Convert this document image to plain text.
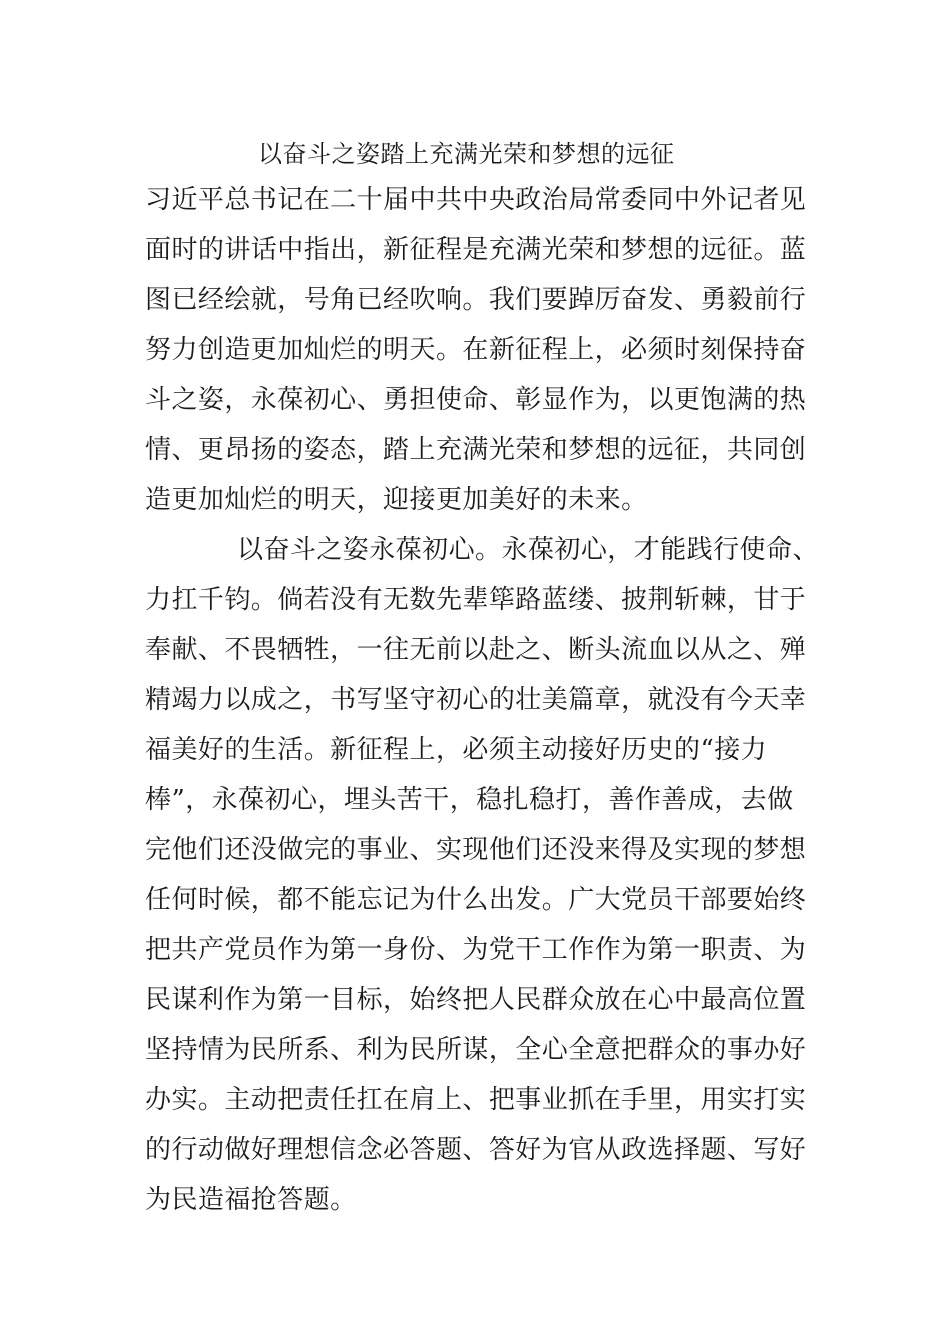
以奋斗之姿踏上充满光荣和梦想的远征
习近平总书记在二十届中共中央政治局常委同中外记者见
面时的讲话中指出，新征程是充满光荣和梦想的远征。蓝
图已经绘就，号角已经吹响。我们要踔厉奋发、勇毅前行
努力创造更加灿烂的明天。在新征程上，必须时刻保持奋
斗之姿，永葆初心、勇担使命、彰显作为，以更饱满的热
情、更昂扬的姿态，踏上充满光荣和梦想的远征，共同创
造更加灿烂的明天，迎接更加美好的未来。
以奋斗之姿永葆初心。永葆初心，才能践行使命、
力扛千钧。倘若没有无数先辈筚路蓝缕、披荆斩棘，甘于
奉献、不畏牺牲，一往无前以赴之、断头流血以从之、殚
精竭力以成之，书写坚守初心的壮美篇章，就没有今天幸
福美好的生活。新征程上，必须主动接好历史的“接力
棒”，永葆初心，埋头苦干，稳扎稳打，善作善成，去做
完他们还没做完的事业、实现他们还没来得及实现的梦想
任何时候，都不能忘记为什么出发。广大党员干部要始终
把共产党员作为第一身份、为党干工作作为第一职责、为
民谋利作为第一目标，始终把人民群众放在心中最高位置
坚持情为民所系、利为民所谋，全心全意把群众的事办好
办实。主动把责任扛在肩上、把事业抓在手里，用实打实
的行动做好理想信念必答题、答好为官从政选择题、写好
为民造福抢答题。
